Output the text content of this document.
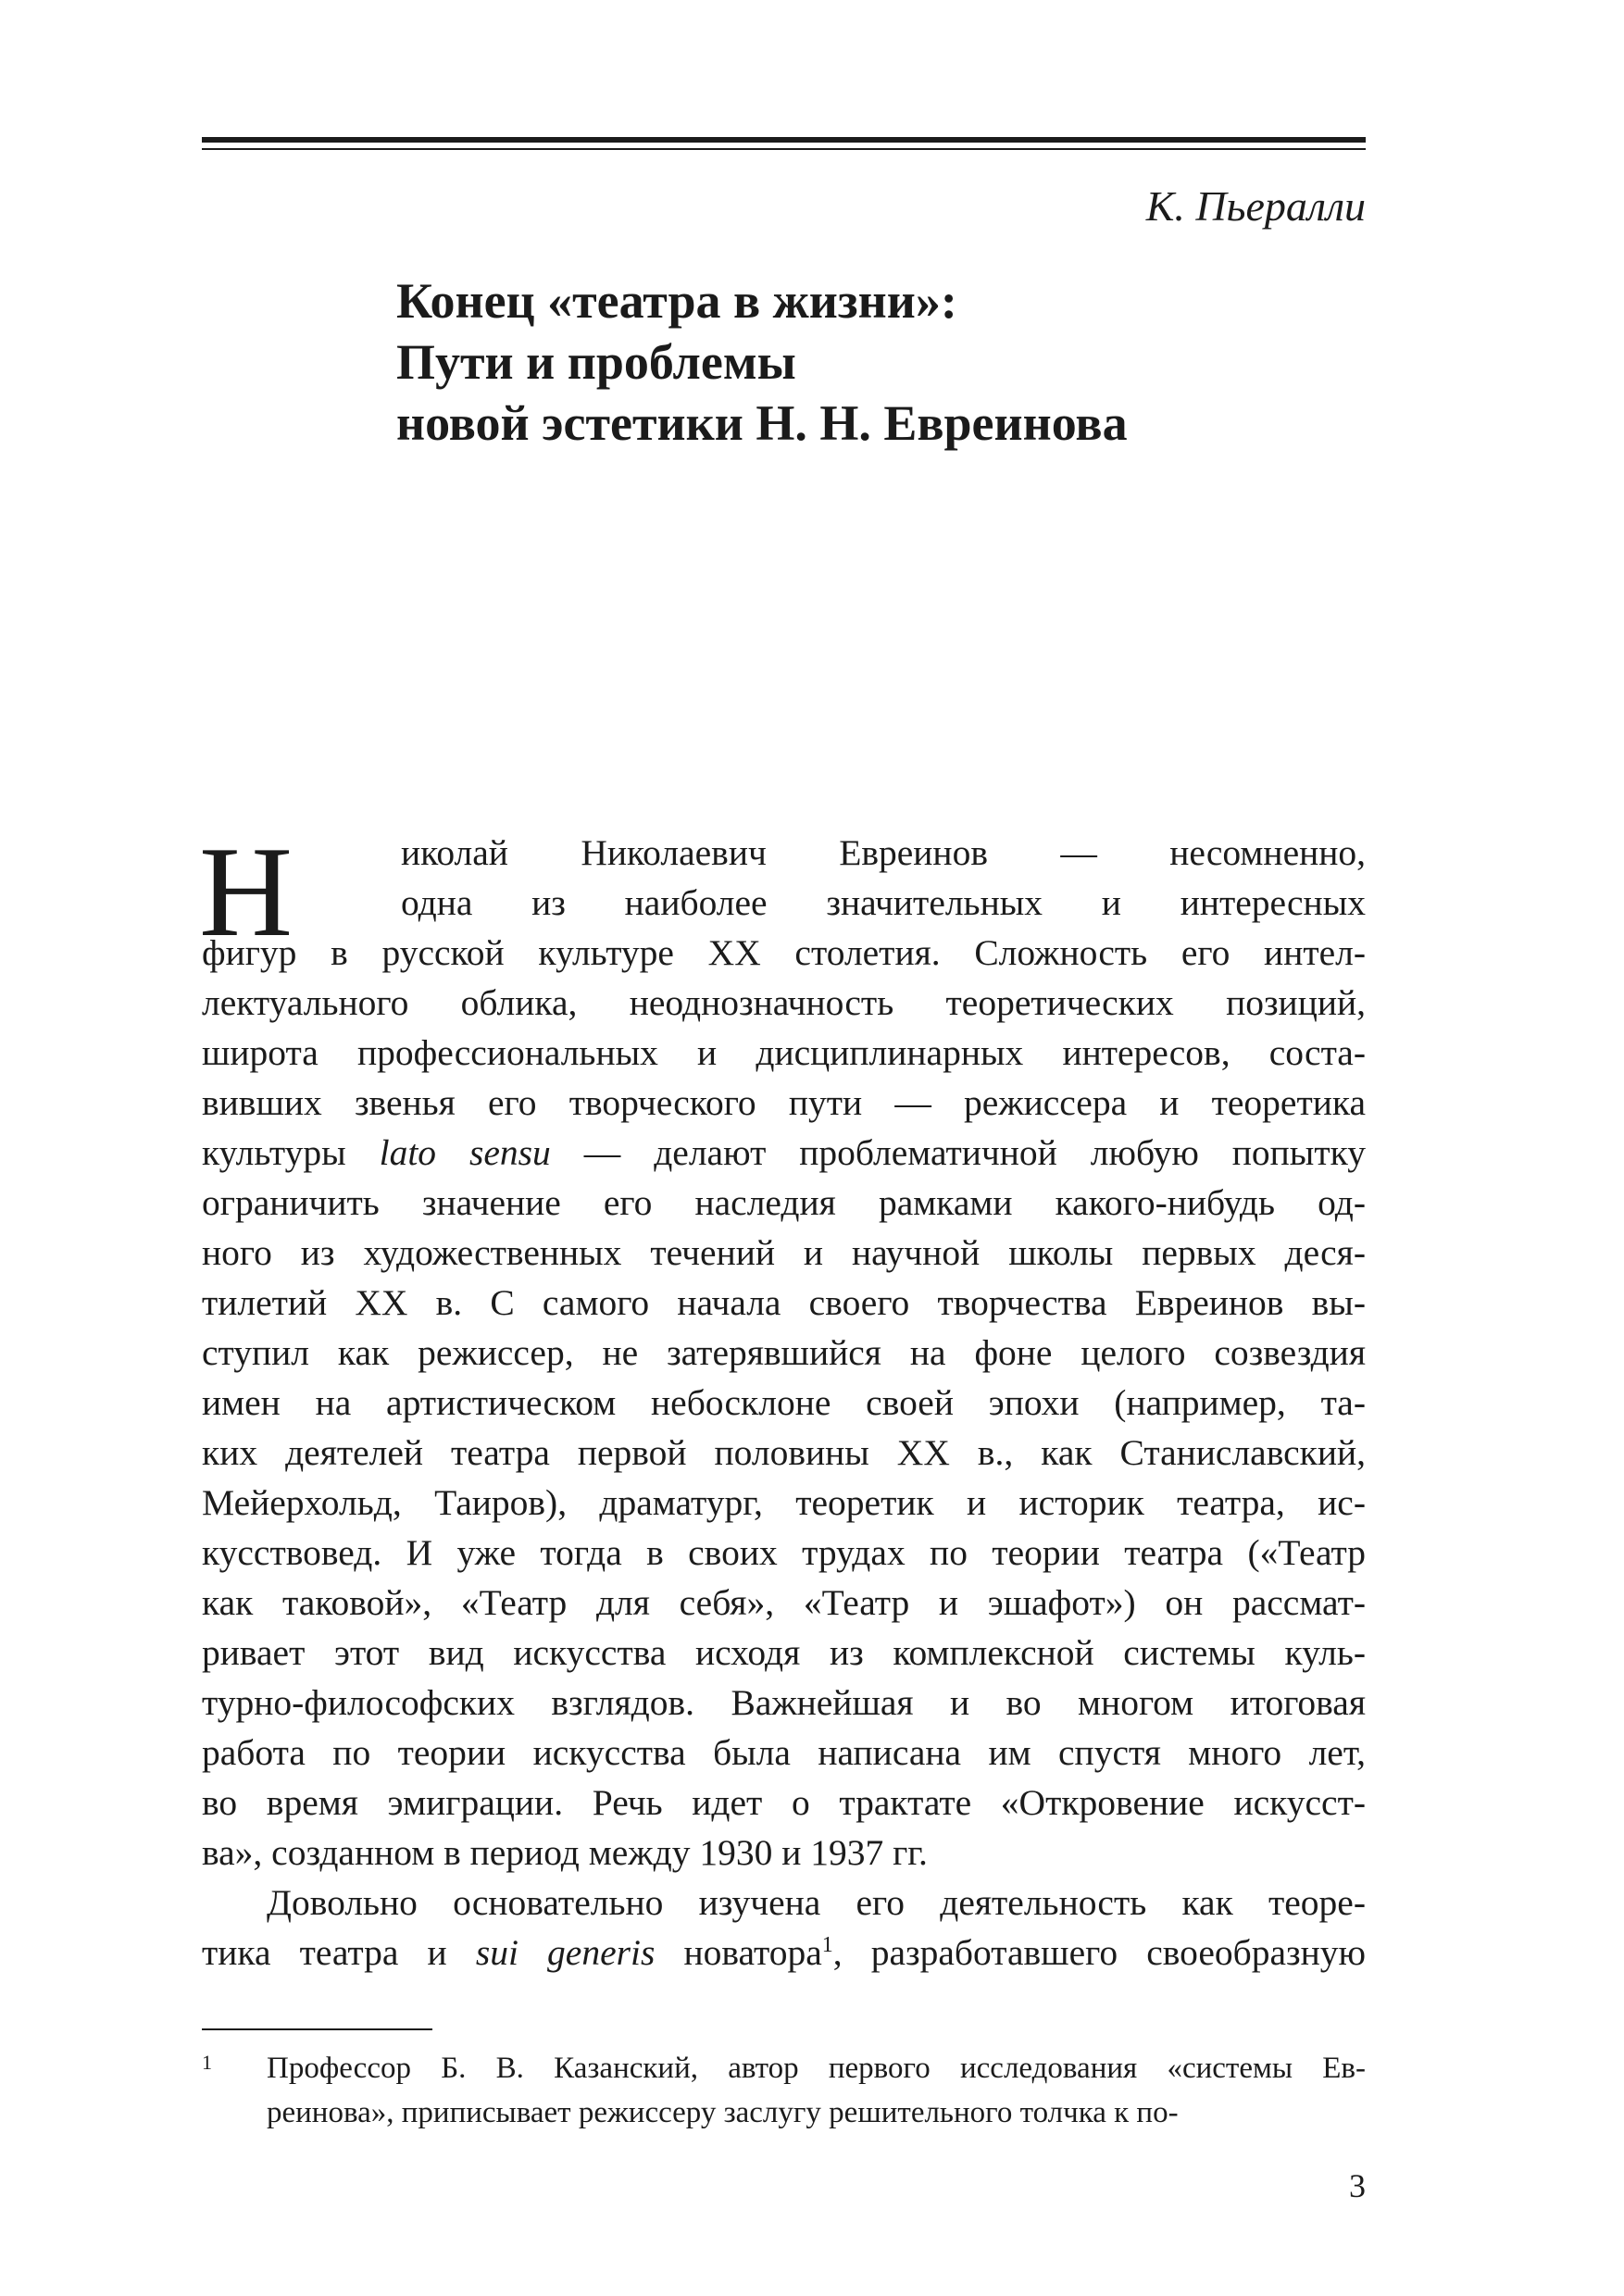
К. Пьералли

Конец «театра в жизни»:
Пути и проблемы
новой эстетики Н. Н. Евреинова
Н	иколай Николаевич Евреинов — несомненно,
одна из наиболее значительных и интересных
фигур в русской культуре XX столетия. Сложность его интел-
лектуального облика, неоднозначность теоретических позиций,
широта профессиональных и дисциплинарных интересов, соста-
вивших звенья его творческого пути — режиссера и теоретика
культуры lato sensu — делают проблематичной любую попытку
ограничить значение его наследия рамками какого-нибудь од-
ного из художественных течений и научной школы первых деся-
тилетий XX в. С самого начала своего творчества Евреинов вы-
ступил как режиссер, не затерявшийся на фоне целого созвездия
имен на артистическом небосклоне своей эпохи (например, та-
ких деятелей театра первой половины XX в., как Станиславский,
Мейерхольд, Таиров), драматург, теоретик и историк театра, ис-
кусствовед. И уже тогда в своих трудах по теории театра («Театр
как таковой», «Театр для себя», «Театр и эшафот») он рассмат-
ривает этот вид искусства исходя из комплексной системы куль-
турно-философских взглядов. Важнейшая и во многом итоговая
работа по теории искусства была написана им спустя много лет,
во время эмиграции. Речь идет о трактате «Откровение искусст-
ва», созданном в период между 1930 и 1937 гг.
Довольно основательно изучена его деятельность как теоре-
тика театра и sui generis новатора$^1$, разработавшего своеобразную
1 Профессор Б. В. Казанский, автор первого исследования «системы Ев-
реинова», приписывает режиссеру заслугу решительного толчка к по-
3
